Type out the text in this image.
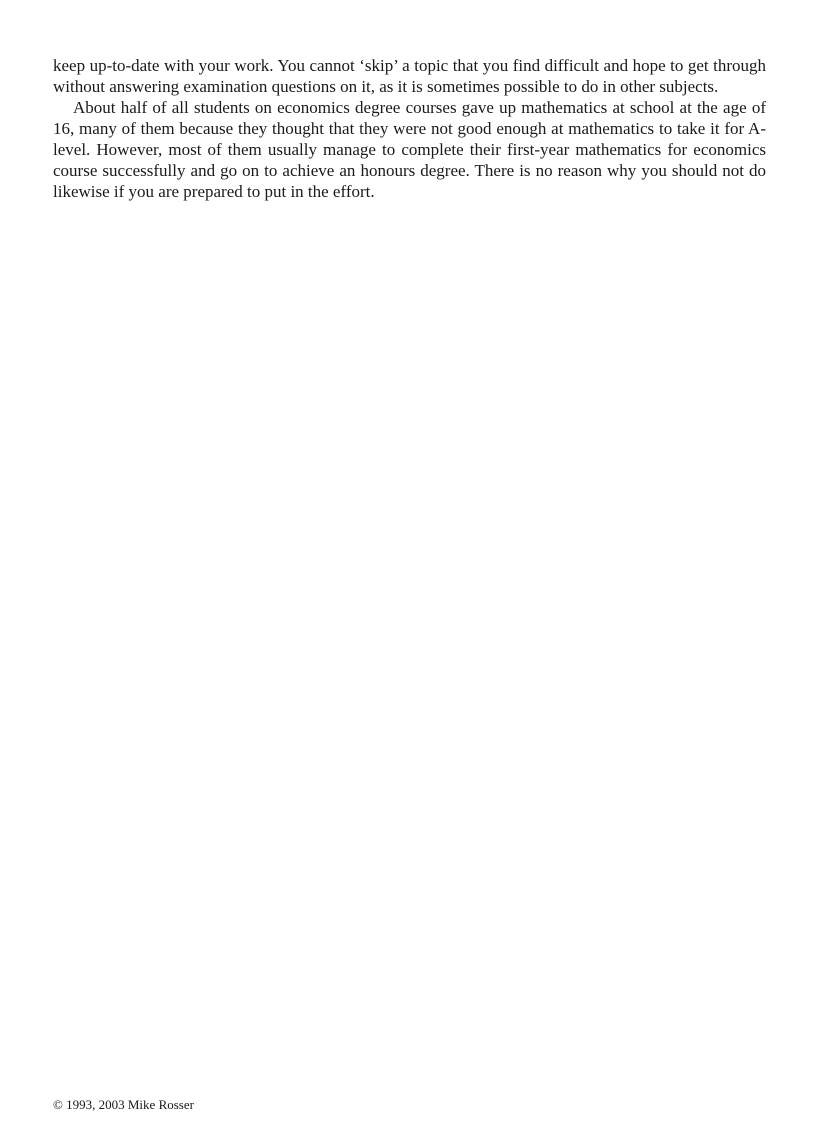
keep up-to-date with your work. You cannot ‘skip’ a topic that you find difficult and hope to get through without answering examination questions on it, as it is sometimes possible to do in other subjects.

About half of all students on economics degree courses gave up mathematics at school at the age of 16, many of them because they thought that they were not good enough at mathematics to take it for A-level. However, most of them usually manage to complete their first-year mathematics for economics course successfully and go on to achieve an honours degree. There is no reason why you should not do likewise if you are prepared to put in the effort.

© 1993, 2003 Mike Rosser
